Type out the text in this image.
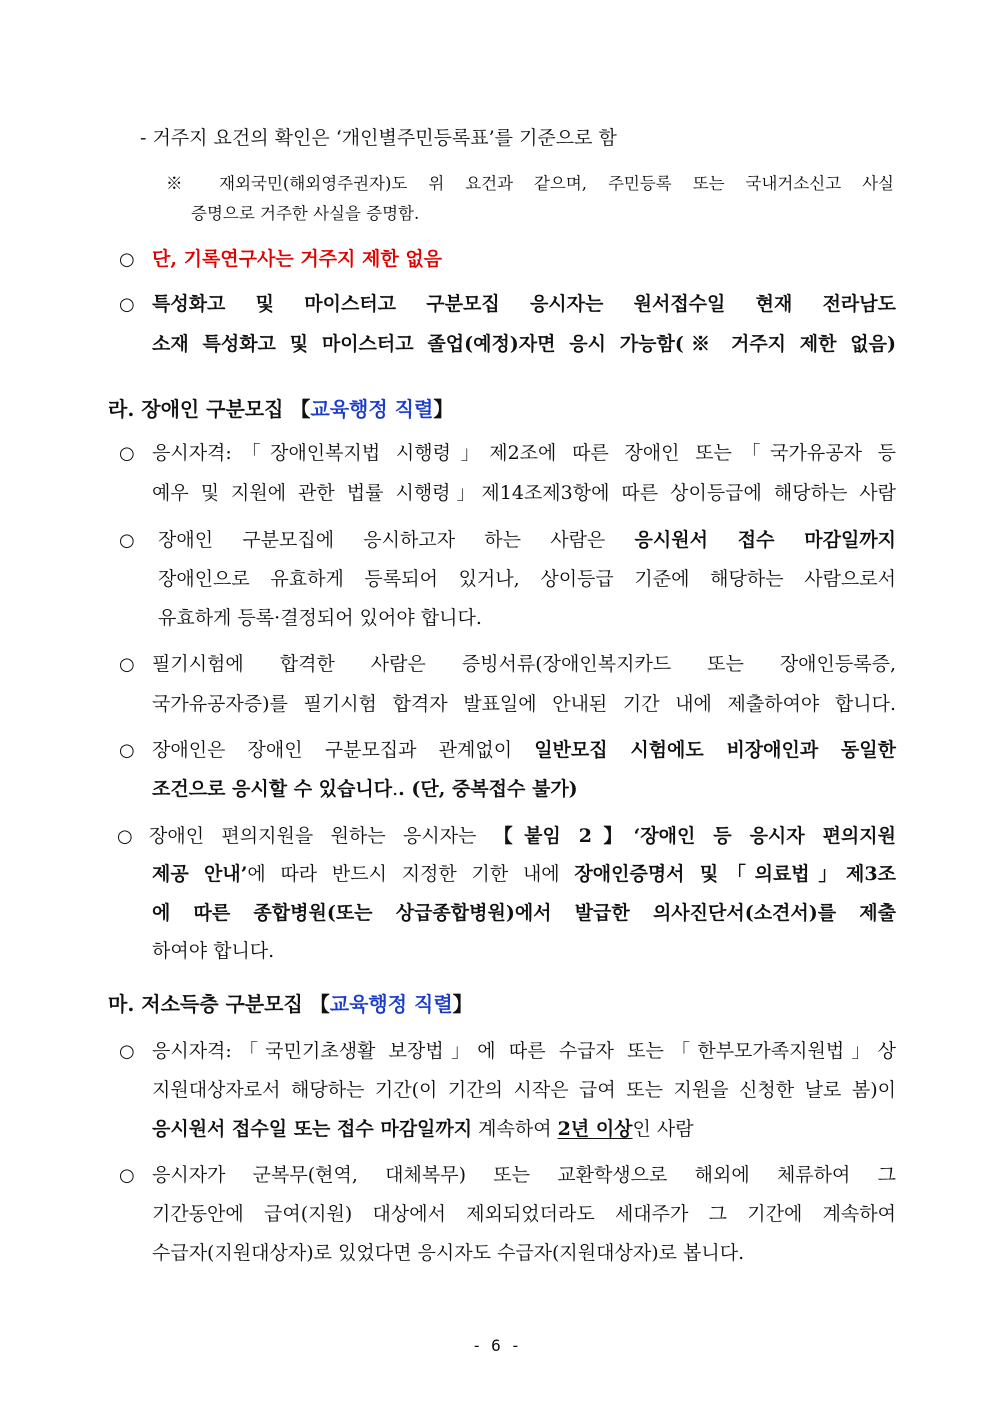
- 거주지 요건의 확인은 ‘개인별주민등록표’를 기준으로 함
※ 재외국민(해외영주권자)도 위 요건과 같으며, 주민등록 또는 국내거소신고 사실
증명으로 거주한 사실을 증명함.
○ 단, 기록연구사는 거주지 제한 없음
○ 특성화고 및 마이스터고 구분모집 응시자는 원서접수일 현재 전라남도
소재 특성화고 및 마이스터고 졸업(예정)자면 응시 가능함(※ 거주지 제한 없음)
라. 장애인 구분모집 【교육행정 직렬】
○ 응시자격:「장애인복지법 시행령」제2조에 따른 장애인 또는「국가유공자 등
예우 및 지원에 관한 법률 시행령」제14조제3항에 따른 상이등급에 해당하는 사람
○ 장애인 구분모집에 응시하고자 하는 사람은 응시원서 접수 마감일까지
장애인으로 유효하게 등록되어 있거나, 상이등급 기준에 해당하는 사람으로서
유효하게 등록·결정되어 있어야 합니다.
○ 필기시험에 합격한 사람은 증빙서류(장애인복지카드 또는 장애인등록증,
국가유공자증)를 필기시험 합격자 발표일에 안내된 기간 내에 제출하여야 합니다.
○ 장애인은 장애인 구분모집과 관계없이 일반모집 시험에도 비장애인과 동일한
조건으로 응시할 수 있습니다.. (단, 중복접수 불가)
○ 장애인 편의지원을 원하는 응시자는 【붙임 2】‘장애인 등 응시자 편의지원
제공 안내’에 따라 반드시 지정한 기한 내에 장애인증명서 및「의료법」제3조
에 따른 종합병원(또는 상급종합병원)에서 발급한 의사진단서(소견서)를 제출
하여야 합니다.
마. 저소득층 구분모집 【교육행정 직렬】
○ 응시자격:「국민기초생활 보장법」에 따른 수급자 또는「한부모가족지원법」상
지원대상자로서 해당하는 기간(이 기간의 시작은 급여 또는 지원을 신청한 날로 봄)이
응시원서 접수일 또는 접수 마감일까지 계속하여 2년 이상인 사람
○ 응시자가 군복무(현역, 대체복무) 또는 교환학생으로 해외에 체류하여 그
기간동안에 급여(지원) 대상에서 제외되었더라도 세대주가 그 기간에 계속하여
수급자(지원대상자)로 있었다면 응시자도 수급자(지원대상자)로 봅니다.
- 6 -
